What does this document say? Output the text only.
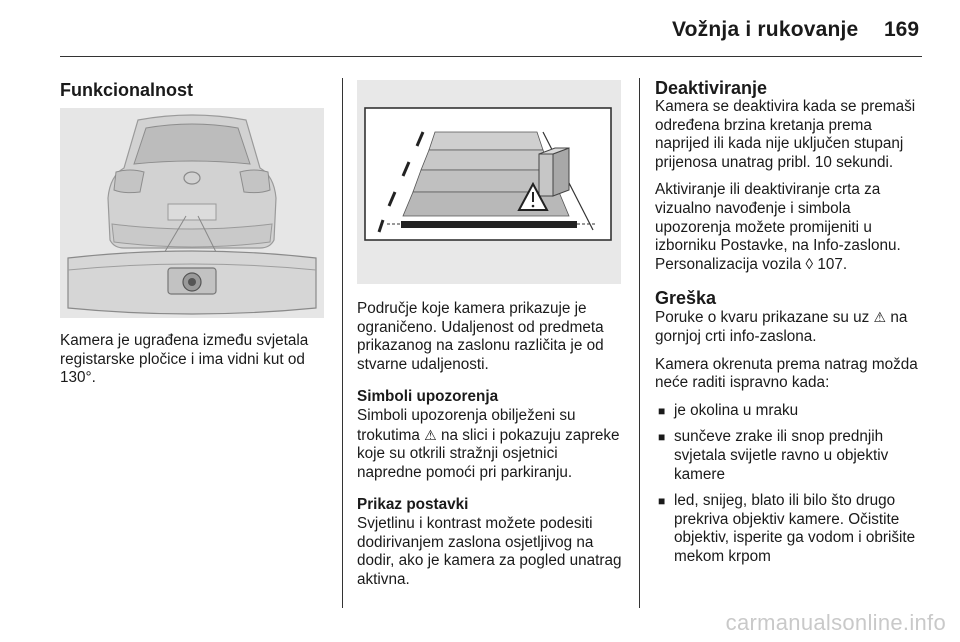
Vožnja i rukovanje 169
Funkcionalnost

Kamera je ugrađena između svjetala registarske pločice i ima vidni kut od 130°.

Područje koje kamera prikazuje je ograničeno. Udaljenost od predmeta prikazanog na zaslonu različita je od stvarne udaljenosti.

Simboli upozorenja

Simboli upozorenja obilježeni su trokutima ⚠ na slici i pokazuju zapreke koje su otkrili stražnji osjetnici napredne pomoći pri parkiranju.

Prikaz postavki

Svjetlinu i kontrast možete podesiti dodirivanjem zaslona osjetljivog na dodir, ako je kamera za pogled unatrag aktivna.

Deaktiviranje

Kamera se deaktivira kada se premaši određena brzina kretanja prema naprijed ili kada nije uključen stupanj prijenosa unatrag pribl. 10 sekundi.

Aktiviranje ili deaktiviranje crta za vizualno navođenje i simbola upozorenja možete promijeniti u izborniku Postavke, na Info-zaslonu. Personalizacija vozila ◊ 107.

Greška

Poruke o kvaru prikazane su uz ⚠ na gornjoj crti info-zaslona.

Kamera okrenuta prema natrag možda neće raditi ispravno kada:

■ je okolina u mraku
■ sunčeve zrake ili snop prednjih svjetala svijetle ravno u objektiv kamere
■ led, snijeg, blato ili bilo što drugo prekriva objektiv kamere. Očistite objektiv, isperite ga vodom i obrišite mekom krpom
carmanualsonline.info
